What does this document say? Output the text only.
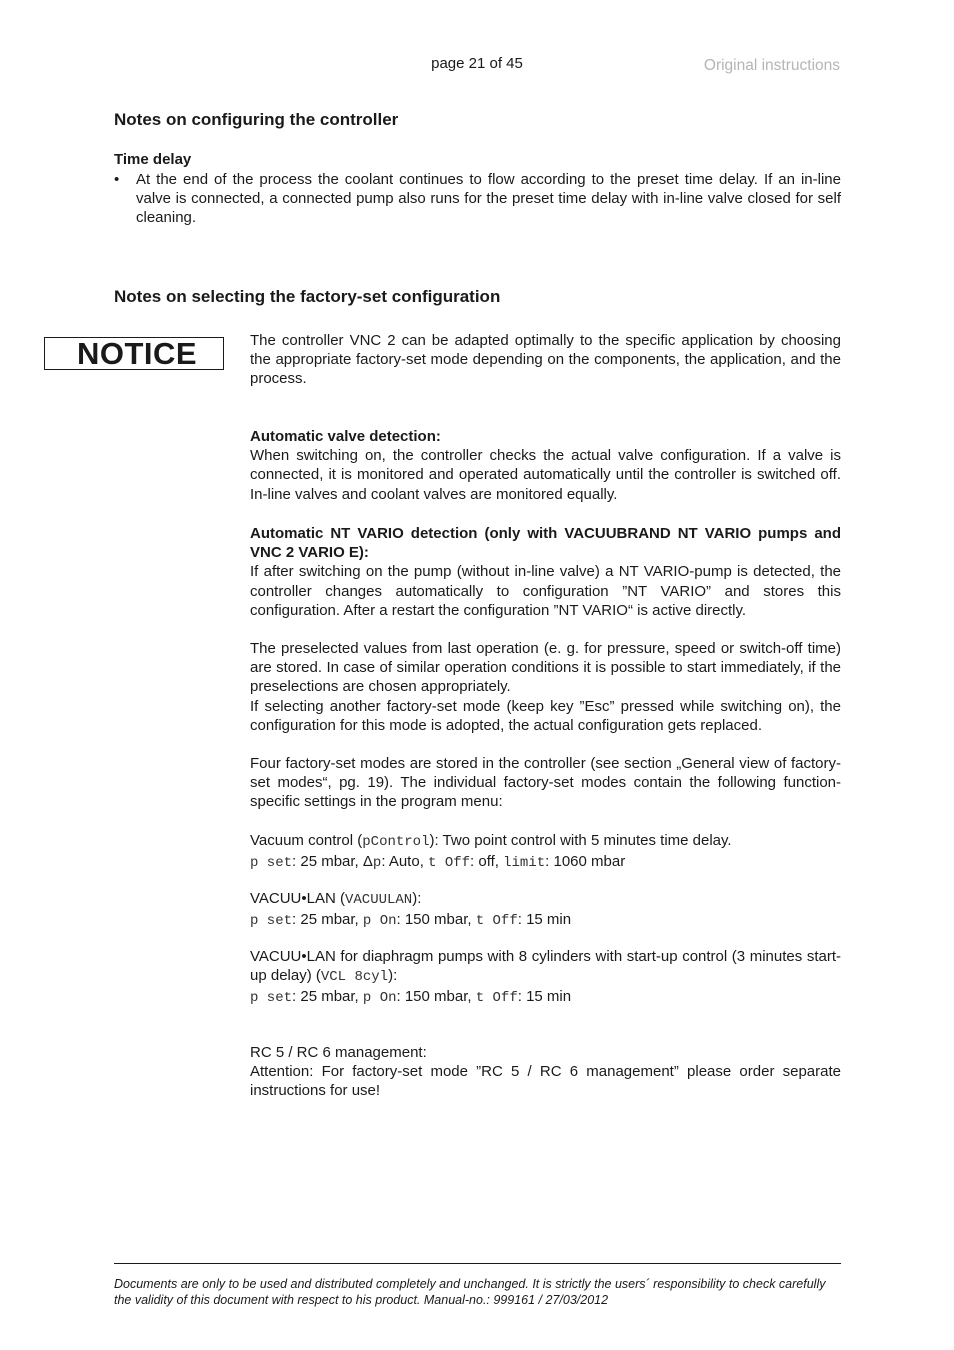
page 21 of 45	Original instructions
Notes on configuring the controller
Time delay
• At the end of the process the coolant continues to flow according to the preset time delay. If an in-line valve is connected, a connected pump also runs for the preset time delay with in-line valve closed for self cleaning.
Notes on selecting the factory-set configuration
NOTICE	The controller VNC 2 can be adapted optimally to the specific application by choosing the appropriate factory-set mode depending on the components, the application, and the process.

Automatic valve detection:

When switching on, the controller checks the actual valve configuration. If a valve is connected, it is monitored and operated automatically until the controller is switched off. In-line valves and coolant valves are monitored equally.

Automatic NT VARIO detection (only with VACUUBRAND NT VARIO pumps and VNC 2 VARIO E):

If after switching on the pump (without in-line valve) a NT VARIO-pump is detected, the controller changes automatically to configuration ”NT VARIO” and stores this configuration. After a restart the configuration ”NT VARIO“ is active directly.

The preselected values from last operation (e. g. for pressure, speed or switch-off time) are stored. In case of similar operation conditions it is possible to start immediately, if the preselections are chosen appropriately.

If selecting another factory-set mode (keep key ”Esc” pressed while switching on), the configuration for this mode is adopted, the actual configuration gets replaced.

Four factory-set modes are stored in the controller (see section „General view of factory-set modes“, pg. 19). The individual factory-set modes contain the following function-specific settings in the program menu:

Vacuum control (pControl): Two point control with 5 minutes time delay.

p set: 25 mbar, Δp: Auto, t Off: off, limit: 1060 mbar

VACUU•LAN (VACUULAN):

p set: 25 mbar, p On: 150 mbar, t Off: 15 min

VACUU•LAN for diaphragm pumps with 8 cylinders with start-up control (3 minutes start-up delay) (VCL 8cyl):

p set: 25 mbar, p On: 150 mbar, t Off: 15 min

RC 5 / RC 6 management:

Attention: For factory-set mode ”RC 5 / RC 6 management” please order separate instructions for use!

Documents are only to be used and distributed completely and unchanged. It is strictly the users´ responsibility to check carefully the validity of this document with respect to his product. Manual-no.: 999161 / 27/03/2012
